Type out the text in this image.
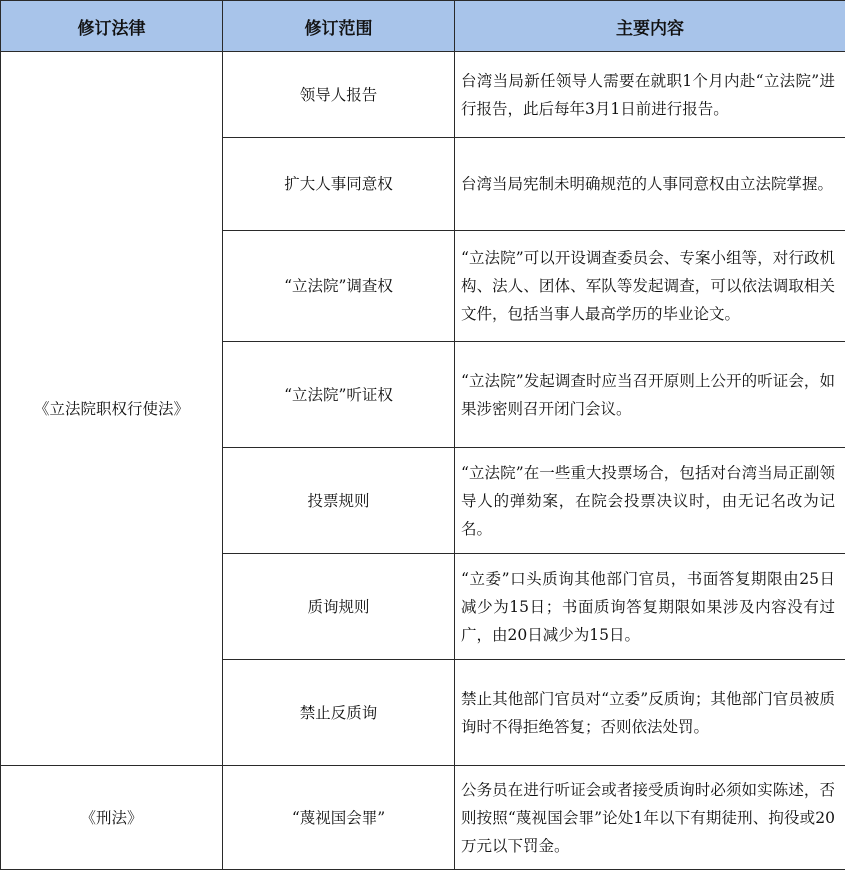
修订法律	修订范围	主要内容
《立法院职权行使法》	领导人报告	台湾当局新任领导人需要在就职1个月内赴“立法院”进行报告，此后每年3月1日前进行报告。
	扩大人事同意权	台湾当局宪制未明确规范的人事同意权由立法院掌握。
	“立法院”调查权	“立法院”可以开设调查委员会、专案小组等，对行政机构、法人、团体、军队等发起调查，可以依法调取相关文件，包括当事人最高学历的毕业论文。
	“立法院”听证权	“立法院”发起调查时应当召开原则上公开的听证会，如果涉密则召开闭门会议。
	投票规则	“立法院”在一些重大投票场合，包括对台湾当局正副领导人的弹劾案，在院会投票决议时，由无记名改为记名。
	质询规则	“立委”口头质询其他部门官员，书面答复期限由25日减少为15日；书面质询答复期限如果涉及内容没有过广，由20日减少为15日。
	禁止反质询	禁止其他部门官员对“立委”反质询；其他部门官员被质询时不得拒绝答复；否则依法处罚。
《刑法》	“蔑视国会罪”	公务员在进行听证会或者接受质询时必须如实陈述，否则按照“蔑视国会罪”论处1年以下有期徒刑、拘役或20万元以下罚金。
